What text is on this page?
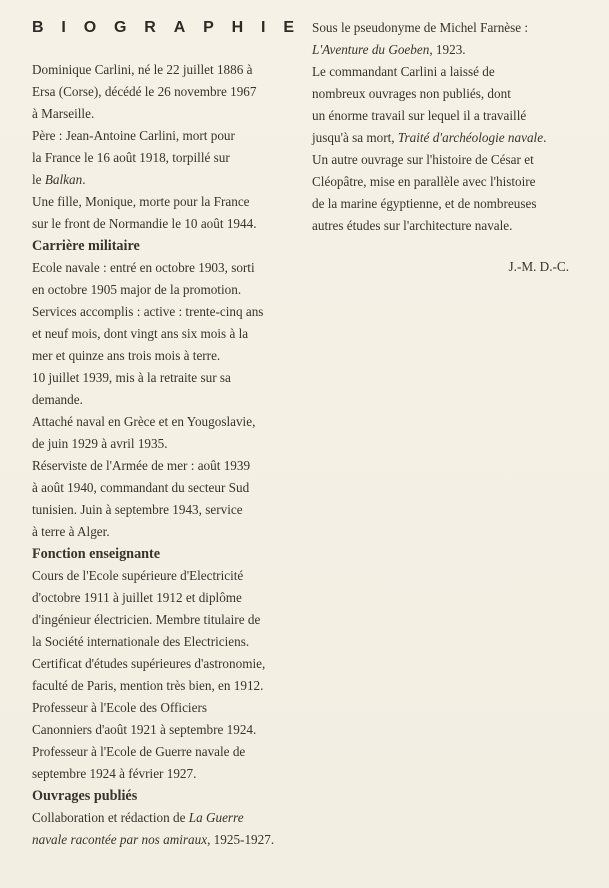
B I O G R A P H I E
Dominique Carlini, né le 22 juillet 1886 à
Ersa (Corse), décédé le 26 novembre 1967
à Marseille.
Père : Jean-Antoine Carlini, mort pour
la France le 16 août 1918, torpillé sur
le Balkan.
Une fille, Monique, morte pour la France
sur le front de Normandie le 10 août 1944.
Carrière militaire
Ecole navale : entré en octobre 1903, sorti
en octobre 1905 major de la promotion.
Services accomplis : active : trente-cinq ans
et neuf mois, dont vingt ans six mois à la
mer et quinze ans trois mois à terre.
10 juillet 1939, mis à la retraite sur sa
demande.
Attaché naval en Grèce et en Yougoslavie,
de juin 1929 à avril 1935.
Réserviste de l'Armée de mer : août 1939
à août 1940, commandant du secteur Sud
tunisien. Juin à septembre 1943, service
à terre à Alger.
Fonction enseignante
Cours de l'Ecole supérieure d'Electricité
d'octobre 1911 à juillet 1912 et diplôme
d'ingénieur électricien. Membre titulaire de
la Société internationale des Electriciens.
Certificat d'études supérieures d'astronomie,
faculté de Paris, mention très bien, en 1912.
Professeur à l'Ecole des Officiers
Canonniers d'août 1921 à septembre 1924.
Professeur à l'Ecole de Guerre navale de
septembre 1924 à février 1927.
Ouvrages publiés
Collaboration et rédaction de La Guerre
navale racontée par nos amiraux, 1925-1927.
Sous le pseudonyme de Michel Farnèse :
L'Aventure du Goeben, 1923.
Le commandant Carlini a laissé de
nombreux ouvrages non publiés, dont
un énorme travail sur lequel il a travaillé
jusqu'à sa mort, Traité d'archéologie navale.
Un autre ouvrage sur l'histoire de César et
Cléopâtre, mise en parallèle avec l'histoire
de la marine égyptienne, et de nombreuses
autres études sur l'architecture navale.
J.-M. D.-C.
